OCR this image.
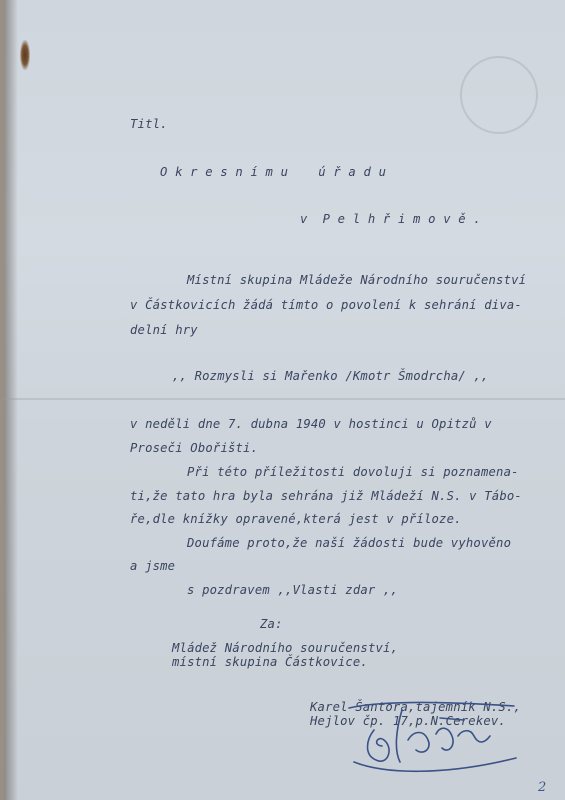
Titl.
O k r e s n í m u    ú ř a d u
v  P e l h ř i m o v ě .
Místní skupina Mládeže Národního souručenství
v Částkovicích žádá tímto o povolení k sehrání diva-
delní hry
,, Rozmysli si Mařenko /Kmotr Šmodrcha/ ,,
v neděli dne 7. dubna 1940 v hostinci u Opitzů v
Proseči Obořišti.
Při této příležitosti dovoluji si poznamena-
ti,že tato hra byla sehrána již Mládeží N.S. v Tábo-
ře,dle knížky opravené,která jest v příloze.
Doufáme proto,že naší žádosti bude vyhověno
a jsme
s pozdravem ,,Vlasti zdar ,,
Za:
Mládež Národního souručenství,
místní skupina Částkovice.
Karel Šantora,tajemník N.S.,
Hejlov čp. 17,p.N.Cerekev.
2
